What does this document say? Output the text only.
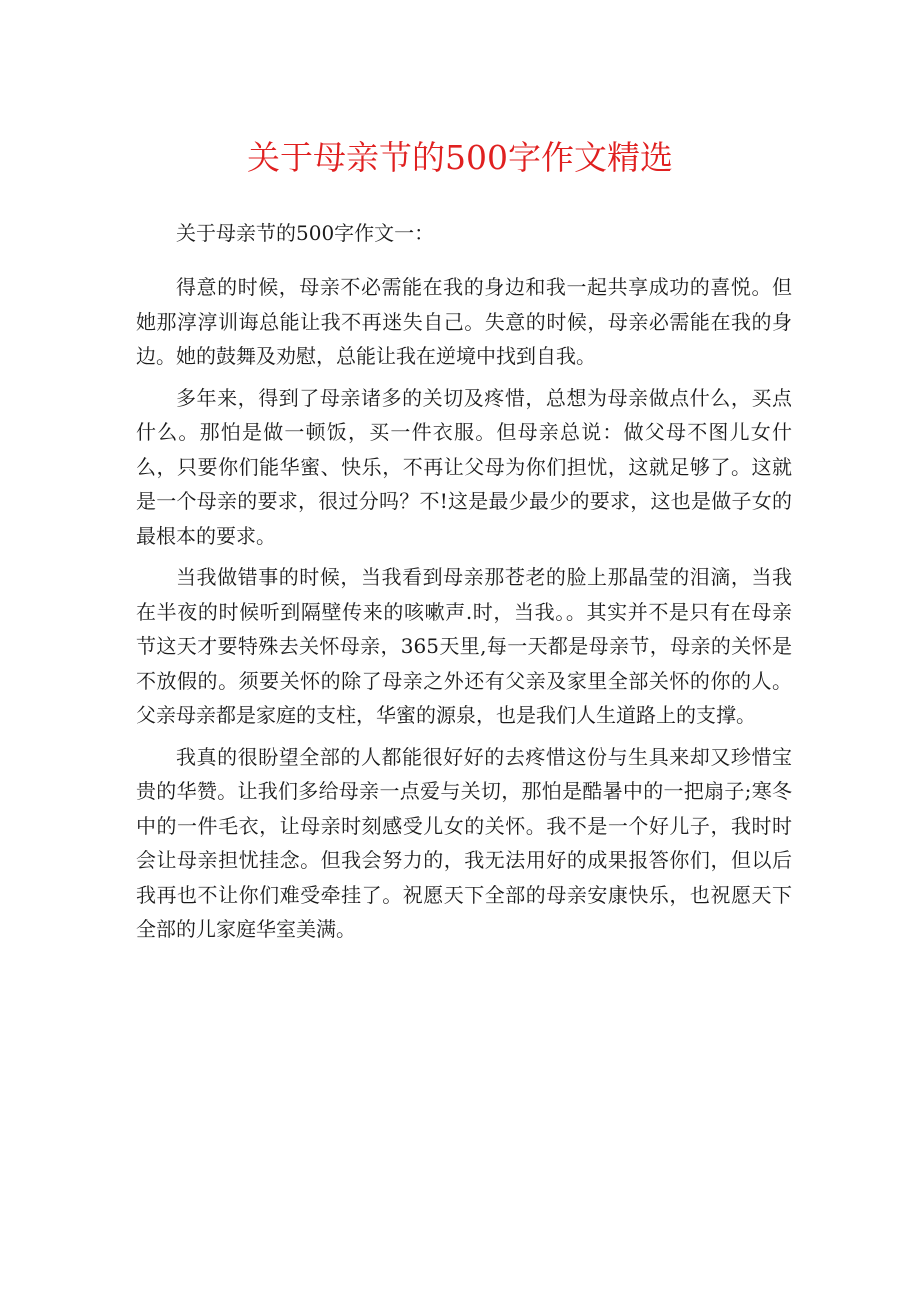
关于母亲节的500字作文精选

关于母亲节的500字作文一：

得意的时候，母亲不必需能在我的身边和我一起共享成功的喜悦。但她那淳淳训诲总能让我不再迷失自己。失意的时候，母亲必需能在我的身边。她的鼓舞及劝慰，总能让我在逆境中找到自我。

多年来，得到了母亲诸多的关切及疼惜，总想为母亲做点什么，买点什么。那怕是做一顿饭，买一件衣服。但母亲总说：做父母不图儿女什么，只要你们能华蜜、快乐，不再让父母为你们担忧，这就足够了。这就是一个母亲的要求，很过分吗？不!这是最少最少的要求，这也是做子女的最根本的要求。

当我做错事的时候，当我看到母亲那苍老的脸上那晶莹的泪滴，当我在半夜的时候听到隔壁传来的咳嗽声.时，当我。。其实并不是只有在母亲节这天才要特殊去关怀母亲，365天里,每一天都是母亲节，母亲的关怀是不放假的。须要关怀的除了母亲之外还有父亲及家里全部关怀的你的人。父亲母亲都是家庭的支柱，华蜜的源泉，也是我们人生道路上的支撑。

我真的很盼望全部的人都能很好好的去疼惜这份与生具来却又珍惜宝贵的华赞。让我们多给母亲一点爱与关切，那怕是酷暑中的一把扇子;寒冬中的一件毛衣，让母亲时刻感受儿女的关怀。我不是一个好儿子，我时时会让母亲担忧挂念。但我会努力的，我无法用好的成果报答你们，但以后我再也不让你们难受牵挂了。祝愿天下全部的母亲安康快乐，也祝愿天下全部的儿家庭华室美满。
